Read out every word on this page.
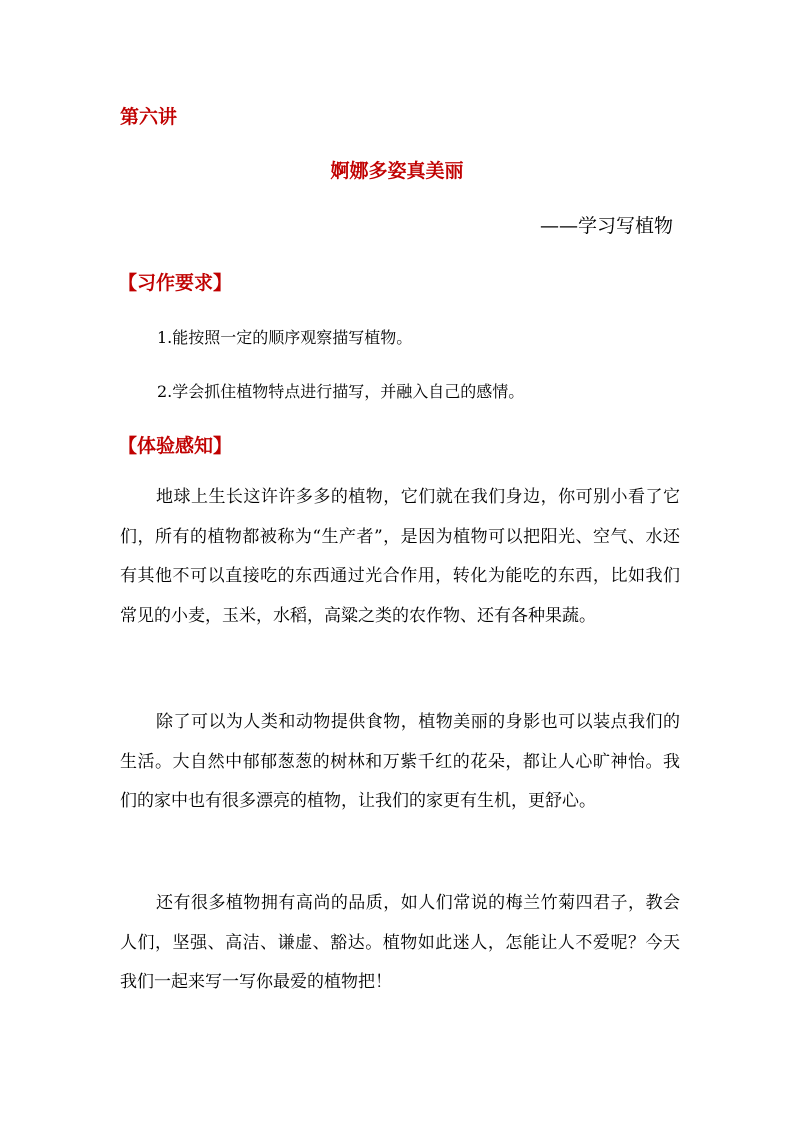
第六讲
婀娜多姿真美丽
——学习写植物
【习作要求】
1.能按照一定的顺序观察描写植物。
2.学会抓住植物特点进行描写，并融入自己的感情。
【体验感知】
地球上生长这许许多多的植物，它们就在我们身边，你可别小看了它们，所有的植物都被称为“生产者”，是因为植物可以把阳光、空气、水还有其他不可以直接吃的东西通过光合作用，转化为能吃的东西，比如我们常见的小麦，玉米，水稻，高粱之类的农作物、还有各种果蔬。
除了可以为人类和动物提供食物，植物美丽的身影也可以装点我们的生活。大自然中郁郁葱葱的树林和万紫千红的花朵，都让人心旷神怡。我们的家中也有很多漂亮的植物，让我们的家更有生机，更舒心。
还有很多植物拥有高尚的品质，如人们常说的梅兰竹菊四君子，教会人们，坚强、高洁、谦虚、豁达。植物如此迷人，怎能让人不爱呢？今天我们一起来写一写你最爱的植物把！
